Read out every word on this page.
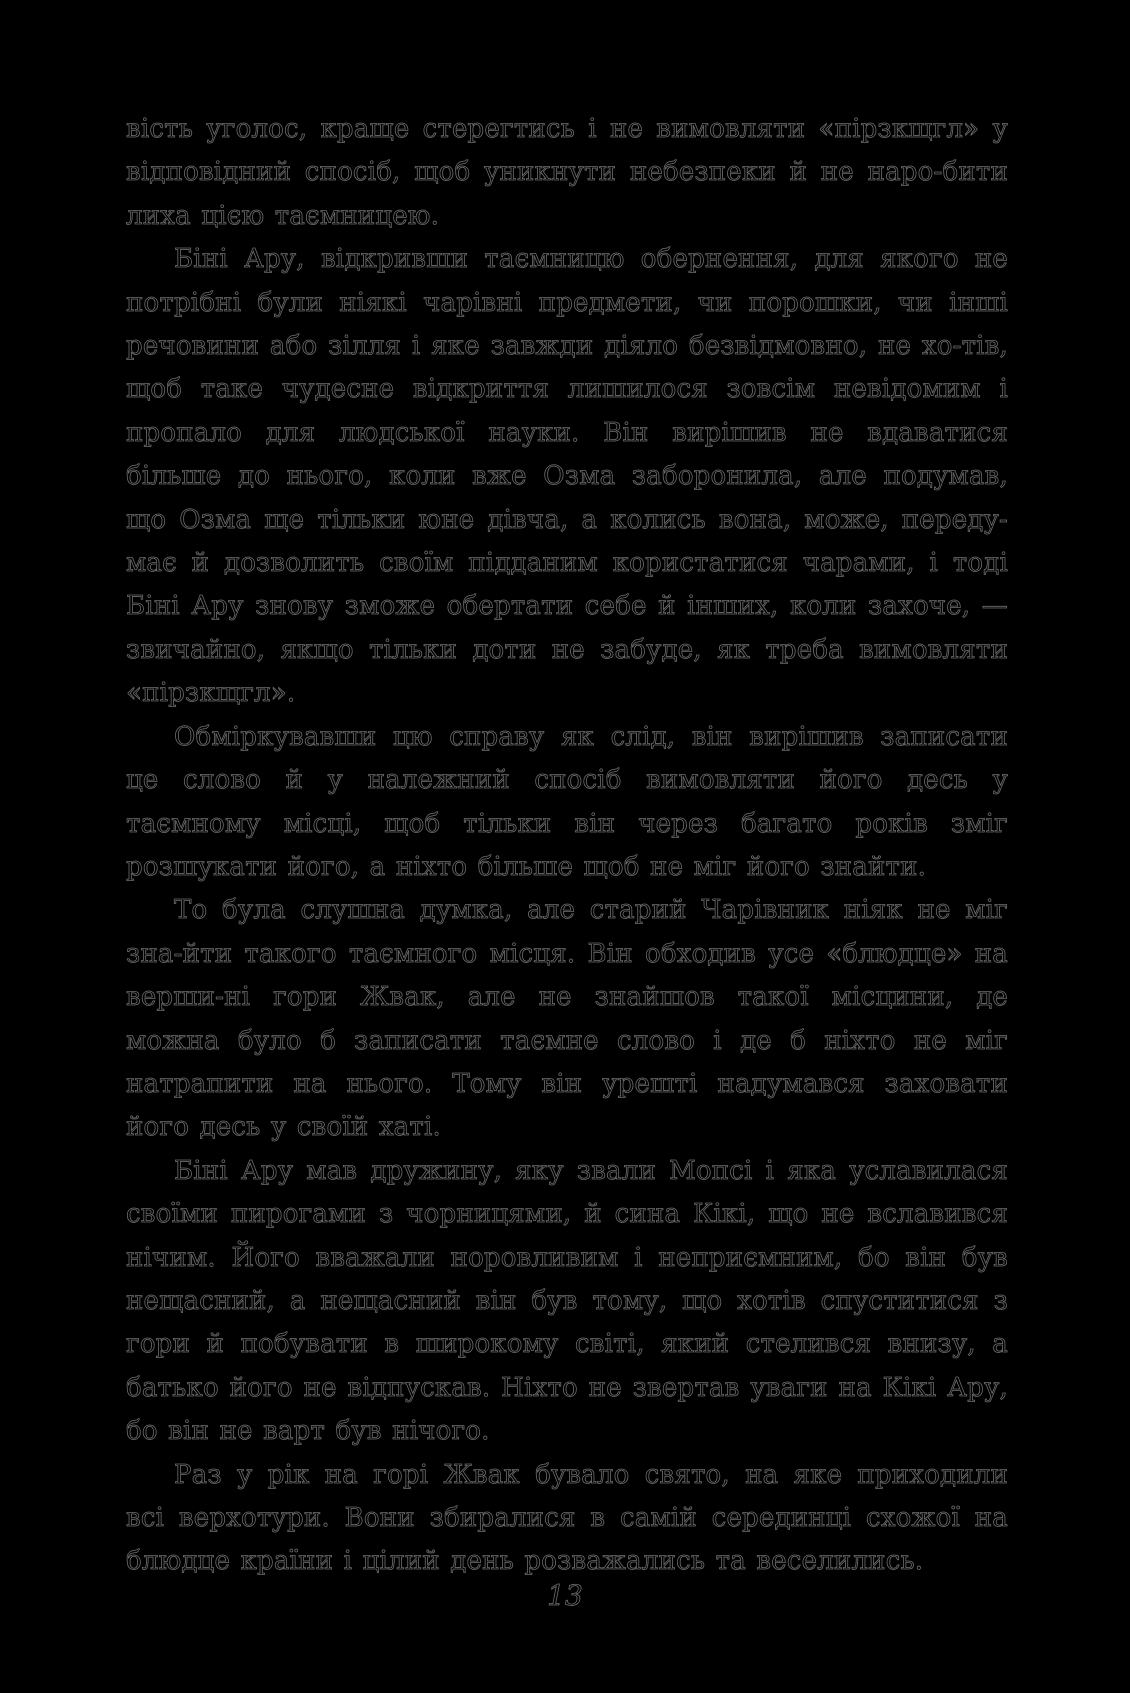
вість уголос, краще стерегтись і не вимовляти «пірзкщгл» у відповідний спосіб, щоб уникнути небезпеки й не наро-бити лиха цією таємницею.

Біні Ару, відкривши таємницю обернення, для якого не потрібні були ніякі чарівні предмети, чи порошки, чи інші речовини або зілля і яке завжди діяло безвідмовно, не хо-тів, щоб таке чудесне відкриття лишилося зовсім невідомим і пропало для людської науки. Він вирішив не вдаватися більше до нього, коли вже Озма заборонила, але подумав, що Озма ще тільки юне дівча, а колись вона, може, переду-має й дозволить своїм підданим користатися чарами, і тоді Біні Ару знову зможе обертати себе й інших, коли захоче, — звичайно, якщо тільки доти не забуде, як треба вимовляти «пірзкщгл».

Обміркувавши цю справу як слід, він вирішив записати це слово й у належний спосіб вимовляти його десь у таємному місці, щоб тільки він через багато років зміг розшукати його, а ніхто більше щоб не міг його знайти.

То була слушна думка, але старий Чарівник ніяк не міг зна-йти такого таємного місця. Він обходив усе «блюдце» на верши-ні гори Жвак, але не знайшов такої місцини, де можна було б записати таємне слово і де б ніхто не міг натрапити на нього. Тому він урешті надумався заховати його десь у своїй хаті.

Біні Ару мав дружину, яку звали Мопсі і яка уславилася своїми пирогами з чорницями, й сина Кікі, що не вславився нічим. Його вважали норовливим і неприємним, бо він був нещасний, а нещасний він був тому, що хотів спуститися з гори й побувати в широкому світі, який стелився внизу, а батько його не відпускав. Ніхто не звертав уваги на Кікі Ару, бо він не варт був нічого.

Раз у рік на горі Жвак бувало свято, на яке приходили всі верхотури. Вони збиралися в самій серединці схожої на блюдце країни і цілий день розважались та веселились.

13
